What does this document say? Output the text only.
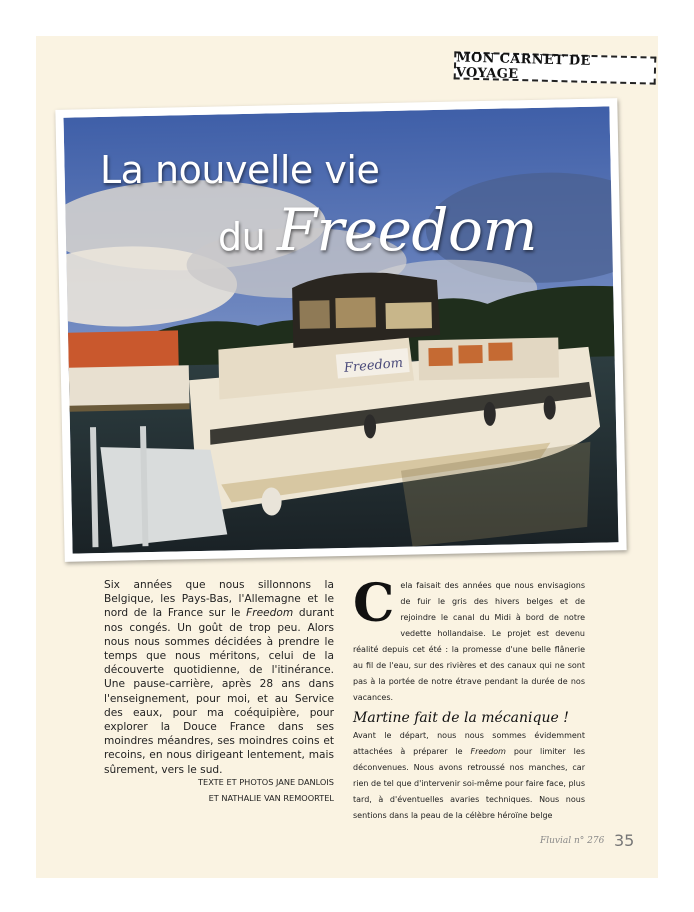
MON CARNET DE VOYAGE
Freedom
La nouvelle vie
du Freedom
Six années que nous sillonnons la Belgique, les Pays-Bas, l'Allemagne et le nord de la France sur le Freedom durant nos congés. Un goût de trop peu. Alors nous nous sommes décidées à prendre le temps que nous méritons, celui de la découverte quotidienne, de l'itinérance. Une pause-carrière, après 28 ans dans l'enseignement, pour moi, et au Service des eaux, pour ma coéquipière, pour explorer la Douce France dans ses moindres méandres, ses moindres coins et recoins, en nous dirigeant lentement, mais sûrement, vers le sud.
TEXTE ET PHOTOS JANE DANLOIS
ET NATHALIE VAN REMOORTEL
C ela faisait des années que nous envisagions de fuir le gris des hivers belges et de rejoindre le canal du Midi à bord de notre vedette hollandaise. Le projet est devenu réalité depuis cet été : la promesse d'une belle flânerie au fil de l'eau, sur des rivières et des canaux qui ne sont pas à la portée de notre étrave pendant la durée de nos vacances.
Martine fait de la mécanique !
Avant le départ, nous nous sommes évidemment attachées à préparer le Freedom pour limiter les déconvenues. Nous avons retroussé nos manches, car rien de tel que d'intervenir soi-même pour faire face, plus tard, à d'éventuelles avaries techniques. Nous nous sentions dans la peau de la célèbre héroïne belge
Fluvial n° 276 35
